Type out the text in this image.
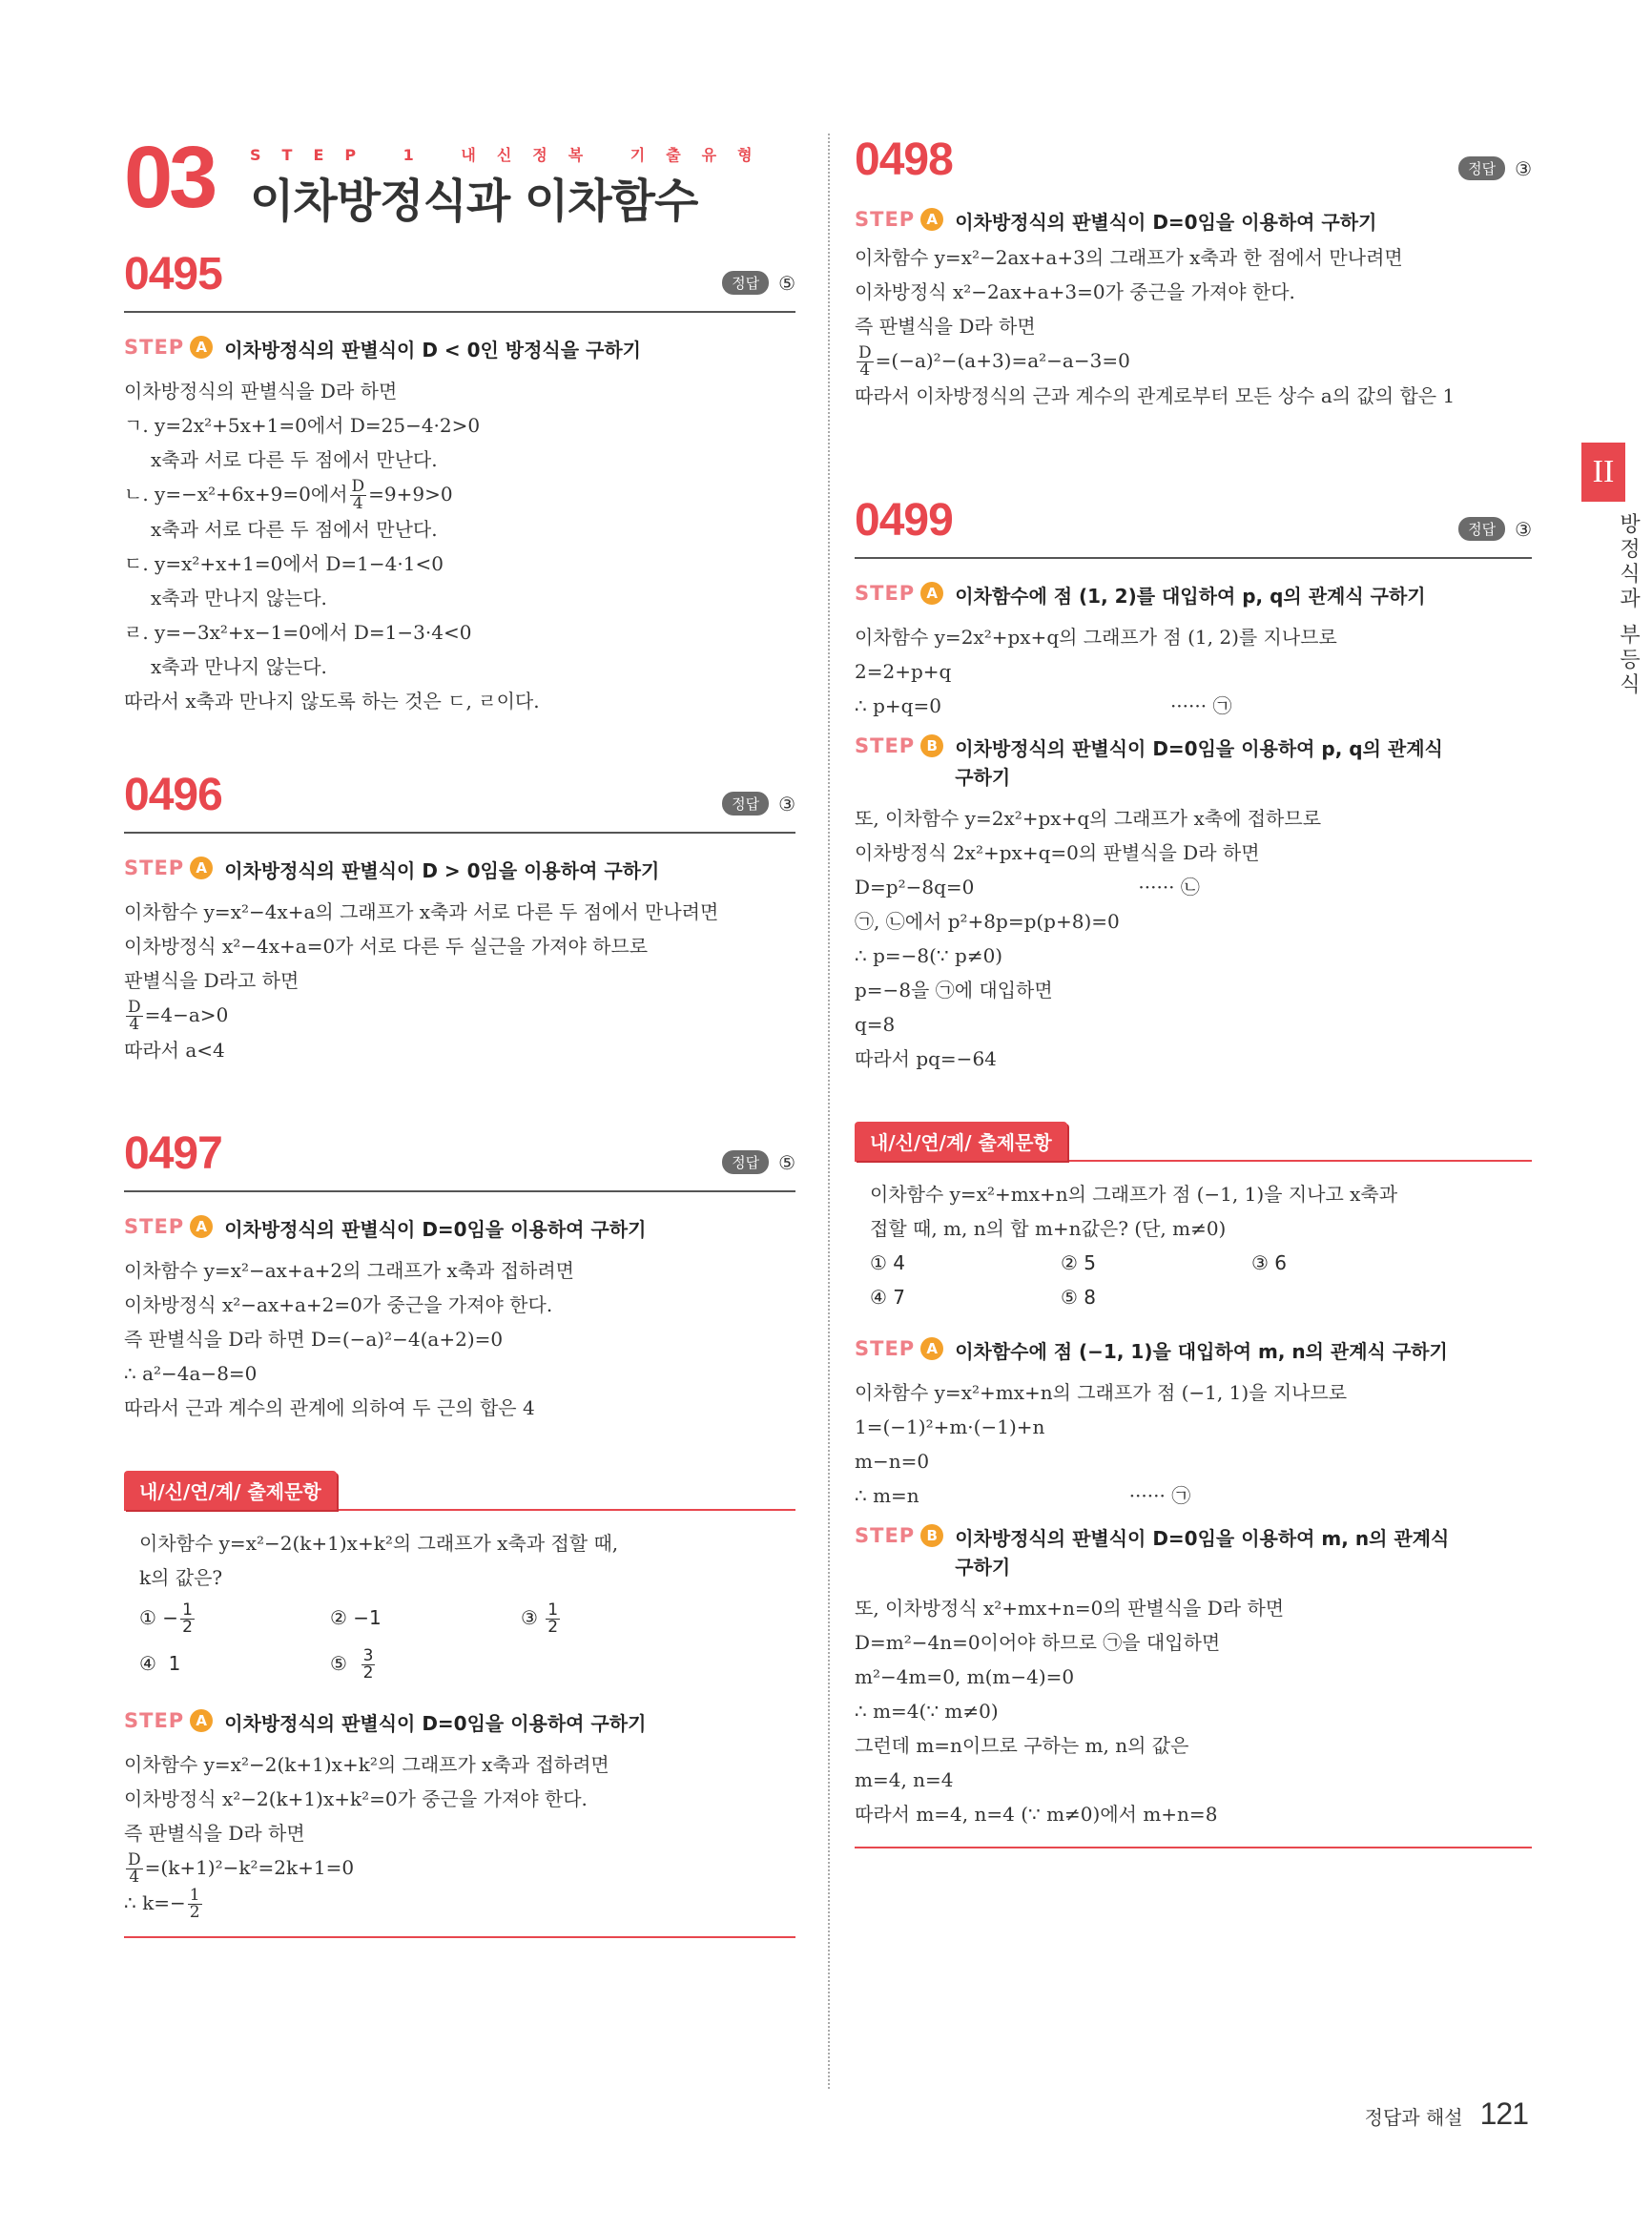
03 STEP 1 내신정복 기출유형
이차방정식과 이차함수
II
방
정
식
과
부
등
식
0495	정답	⑤
STEP A 이차방정식의 판별식이 D < 0인 방정식을 구하기
이차방정식의 판별식을 D라 하면
ㄱ. y=2x²+5x+1=0에서 D=25−4·2>0
x축과 서로 다른 두 점에서 만난다.
ㄴ. y=−x²+6x+9=0에서 $\frac{D}{4} =9+9>0$
x축과 서로 다른 두 점에서 만난다.
ㄷ. y=x²+x+1=0에서 D=1−4·1<0
x축과 만나지 않는다.
ㄹ. y=−3x²+x−1=0에서 D=1−3·4<0
x축과 만나지 않는다.
따라서 x축과 만나지 않도록 하는 것은 ㄷ, ㄹ이다.
0496	정답	③
STEP A 이차방정식의 판별식이 D > 0임을 이용하여 구하기
이차함수 y=x²−4x+a의 그래프가 x축과 서로 다른 두 점에서 만나려면
이차방정식 x²−4x+a=0가 서로 다른 두 실근을 가져야 하므로
판별식을 D라고 하면
$\frac{D}{4} =4-a>0$
따라서 a<4
0497	정답	⑤
STEP A 이차방정식의 판별식이 D=0임을 이용하여 구하기
이차함수 y=x²−ax+a+2의 그래프가 x축과 접하려면
이차방정식 x²−ax+a+2=0가 중근을 가져야 한다.
즉 판별식을 D라 하면 D=(−a)²−4(a+2)=0
∴ a²−4a−8=0
따라서 근과 계수의 관계에 의하여 두 근의 합은 4
내/신/연/계/ 출제문항
이차함수 y=x²−2(k+1)x+k²의 그래프가 x축과 접할 때,
k의 값은?
① − $\frac{1}{2}$	② −1	③ $\frac{1}{2}$
④  1	⑤ $\frac{3}{2}$
STEP A 이차방정식의 판별식이 D=0임을 이용하여 구하기
이차함수 y=x²−2(k+1)x+k²의 그래프가 x축과 접하려면
이차방정식 x²−2(k+1)x+k²=0가 중근을 가져야 한다.
즉 판별식을 D라 하면
$\frac{D}{4} =(k+1)^2-k^2=2k+1=0$
∴ $k=- \frac{1}{2}$
0498	정답	③
STEP A 이차방정식의 판별식이 D=0임을 이용하여 구하기
이차함수 y=x²−2ax+a+3의 그래프가 x축과 한 점에서 만나려면
이차방정식 x²−2ax+a+3=0가 중근을 가져야 한다.
즉 판별식을 D라 하면
$\frac{D}{4} =(-a)^2-(a+3)=a^2-a-3=0$
따라서 이차방정식의 근과 계수의 관계로부터 모든 상수 a의 값의 합은 1
0499	정답	③
STEP A 이차함수에 점 (1, 2)를 대입하여 p, q의 관계식 구하기
이차함수 y=2x²+px+q의 그래프가 점 (1, 2)를 지나므로
2=2+p+q
∴ p+q=0	······ ㉠
STEP B 이차방정식의 판별식이 D=0임을 이용하여 p, q의 관계식 구하기
또, 이차함수 y=2x²+px+q의 그래프가 x축에 접하므로
이차방정식 2x²+px+q=0의 판별식을 D라 하면
D=p²−8q=0	······ ㉡
㉠, ㉡에서 p²+8p=p(p+8)=0
∴ p=−8(∵ p≠0)
p=−8을 ㉠에 대입하면
q=8
따라서 pq=−64
내/신/연/계/ 출제문항
이차함수 y=x²+mx+n의 그래프가 점 (−1, 1)을 지나고 x축과
접할 때, m, n의 합 m+n값은? (단, m≠0)
① 4	② 5	③ 6
④ 7	⑤ 8
STEP A 이차함수에 점 (−1, 1)을 대입하여 m, n의 관계식 구하기
이차함수 y=x²+mx+n의 그래프가 점 (−1, 1)을 지나므로
1=(−1)²+m·(−1)+n
m−n=0
∴ m=n	······ ㉠
STEP B 이차방정식의 판별식이 D=0임을 이용하여 m, n의 관계식 구하기
또, 이차방정식 x²+mx+n=0의 판별식을 D라 하면
D=m²−4n=0이어야 하므로 ㉠을 대입하면
m²−4m=0, m(m−4)=0
∴ m=4(∵ m≠0)
그런데 m=n이므로 구하는 m, n의 값은
m=4, n=4
따라서 m=4, n=4 (∵ m≠0)에서 m+n=8
정답과 해설 121
